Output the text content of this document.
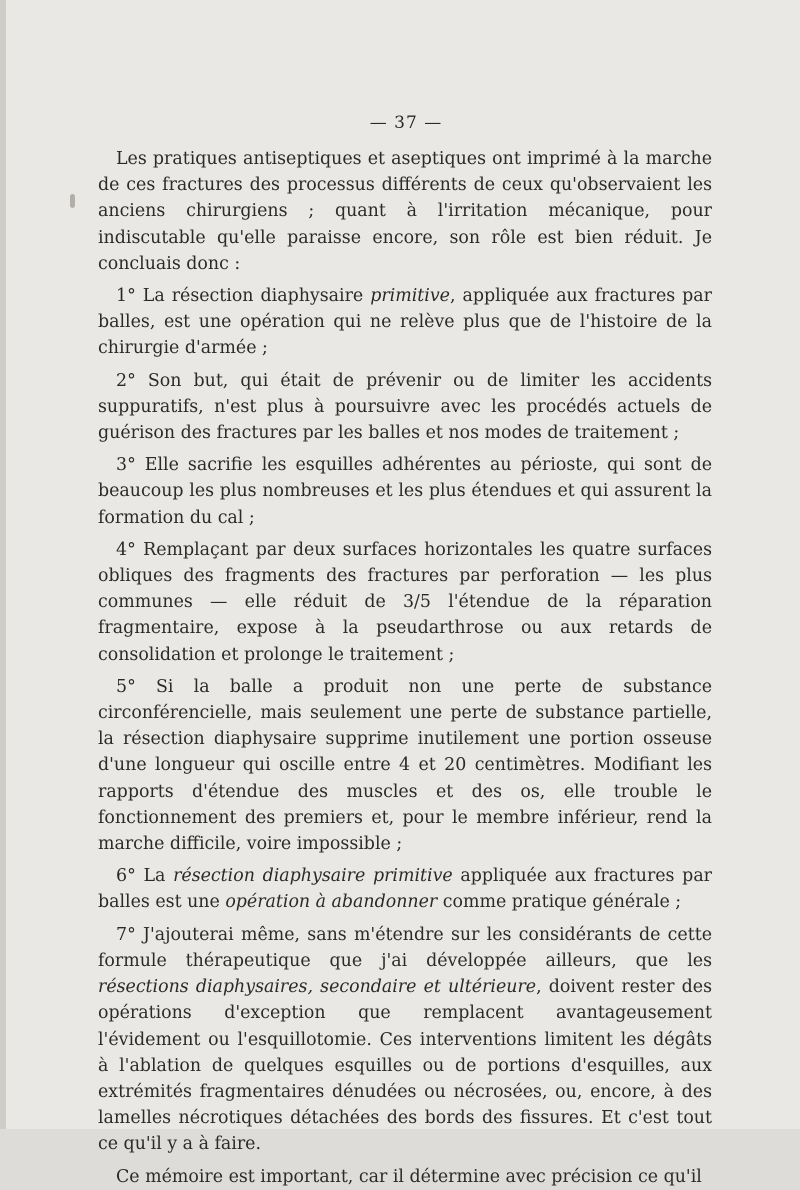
— 37 —

Les pratiques antiseptiques et aseptiques ont imprimé à la marche de ces fractures des processus différents de ceux qu'observaient les anciens chirurgiens ; quant à l'irritation mécanique, pour indiscutable qu'elle paraisse encore, son rôle est bien réduit. Je concluais donc :

1° La résection diaphysaire primitive, appliquée aux fractures par balles, est une opération qui ne relève plus que de l'histoire de la chirurgie d'armée ;

2° Son but, qui était de prévenir ou de limiter les accidents suppuratifs, n'est plus à poursuivre avec les procédés actuels de guérison des fractures par les balles et nos modes de traitement ;

3° Elle sacrifie les esquilles adhérentes au périoste, qui sont de beaucoup les plus nombreuses et les plus étendues et qui assurent la formation du cal ;

4° Remplaçant par deux surfaces horizontales les quatre surfaces obliques des fragments des fractures par perforation — les plus communes — elle réduit de 3/5 l'étendue de la réparation fragmentaire, expose à la pseudarthrose ou aux retards de consolidation et prolonge le traitement ;

5° Si la balle a produit non une perte de substance circonférencielle, mais seulement une perte de substance partielle, la résection diaphysaire supprime inutilement une portion osseuse d'une longueur qui oscille entre 4 et 20 centimètres. Modifiant les rapports d'étendue des muscles et des os, elle trouble le fonctionnement des premiers et, pour le membre inférieur, rend la marche difficile, voire impossible ;

6° La résection diaphysaire primitive appliquée aux fractures par balles est une opération à abandonner comme pratique générale ;

7° J'ajouterai même, sans m'étendre sur les considérants de cette formule thérapeutique que j'ai développée ailleurs, que les résections diaphysaires, secondaire et ultérieure, doivent rester des opérations d'exception que remplacent avantageusement l'évidement ou l'esquillotomie. Ces interventions limitent les dégâts à l'ablation de quelques esquilles ou de portions d'esquilles, aux extrémités fragmentaires dénudées ou nécrosées, ou, encore, à des lamelles nécrotiques détachées des bords des fissures. Et c'est tout ce qu'il y a à faire.

Ce mémoire est important, car il détermine avec précision ce qu'il
